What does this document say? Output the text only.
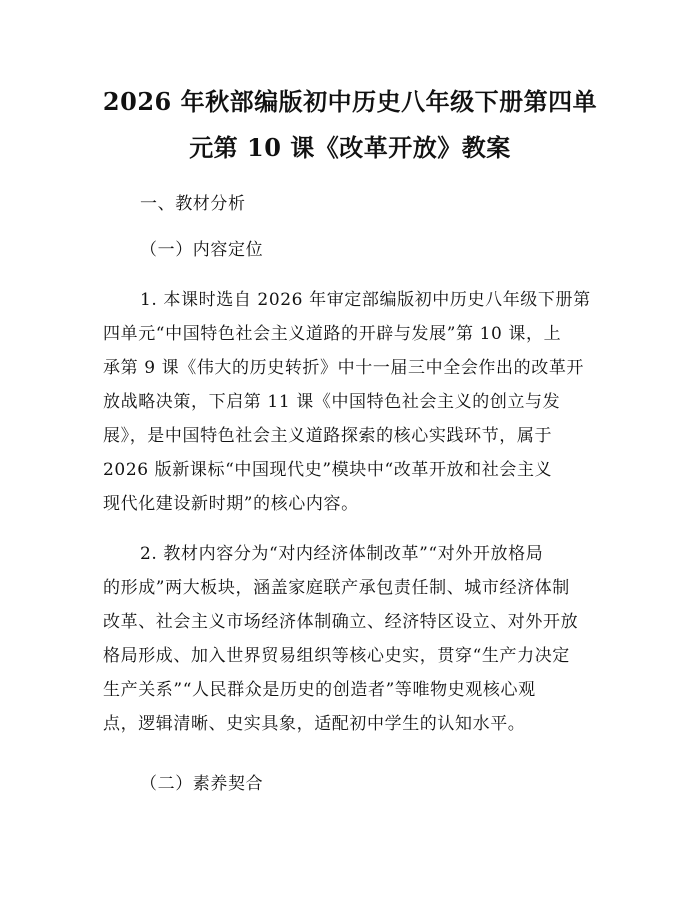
2026 年秋部编版初中历史八年级下册第四单
元第 10 课《改革开放》教案
一、教材分析
（一）内容定位
1. 本课时选自 2026 年审定部编版初中历史八年级下册第
四单元“中国特色社会主义道路的开辟与发展”第 10 课，上
承第 9 课《伟大的历史转折》中十一届三中全会作出的改革开
放战略决策，下启第 11 课《中国特色社会主义的创立与发
展》，是中国特色社会主义道路探索的核心实践环节，属于
2026 版新课标“中国现代史”模块中“改革开放和社会主义
现代化建设新时期”的核心内容。
2. 教材内容分为“对内经济体制改革”“对外开放格局
的形成”两大板块，涵盖家庭联产承包责任制、城市经济体制
改革、社会主义市场经济体制确立、经济特区设立、对外开放
格局形成、加入世界贸易组织等核心史实，贯穿“生产力决定
生产关系”“人民群众是历史的创造者”等唯物史观核心观
点，逻辑清晰、史实具象，适配初中学生的认知水平。
（二）素养契合
